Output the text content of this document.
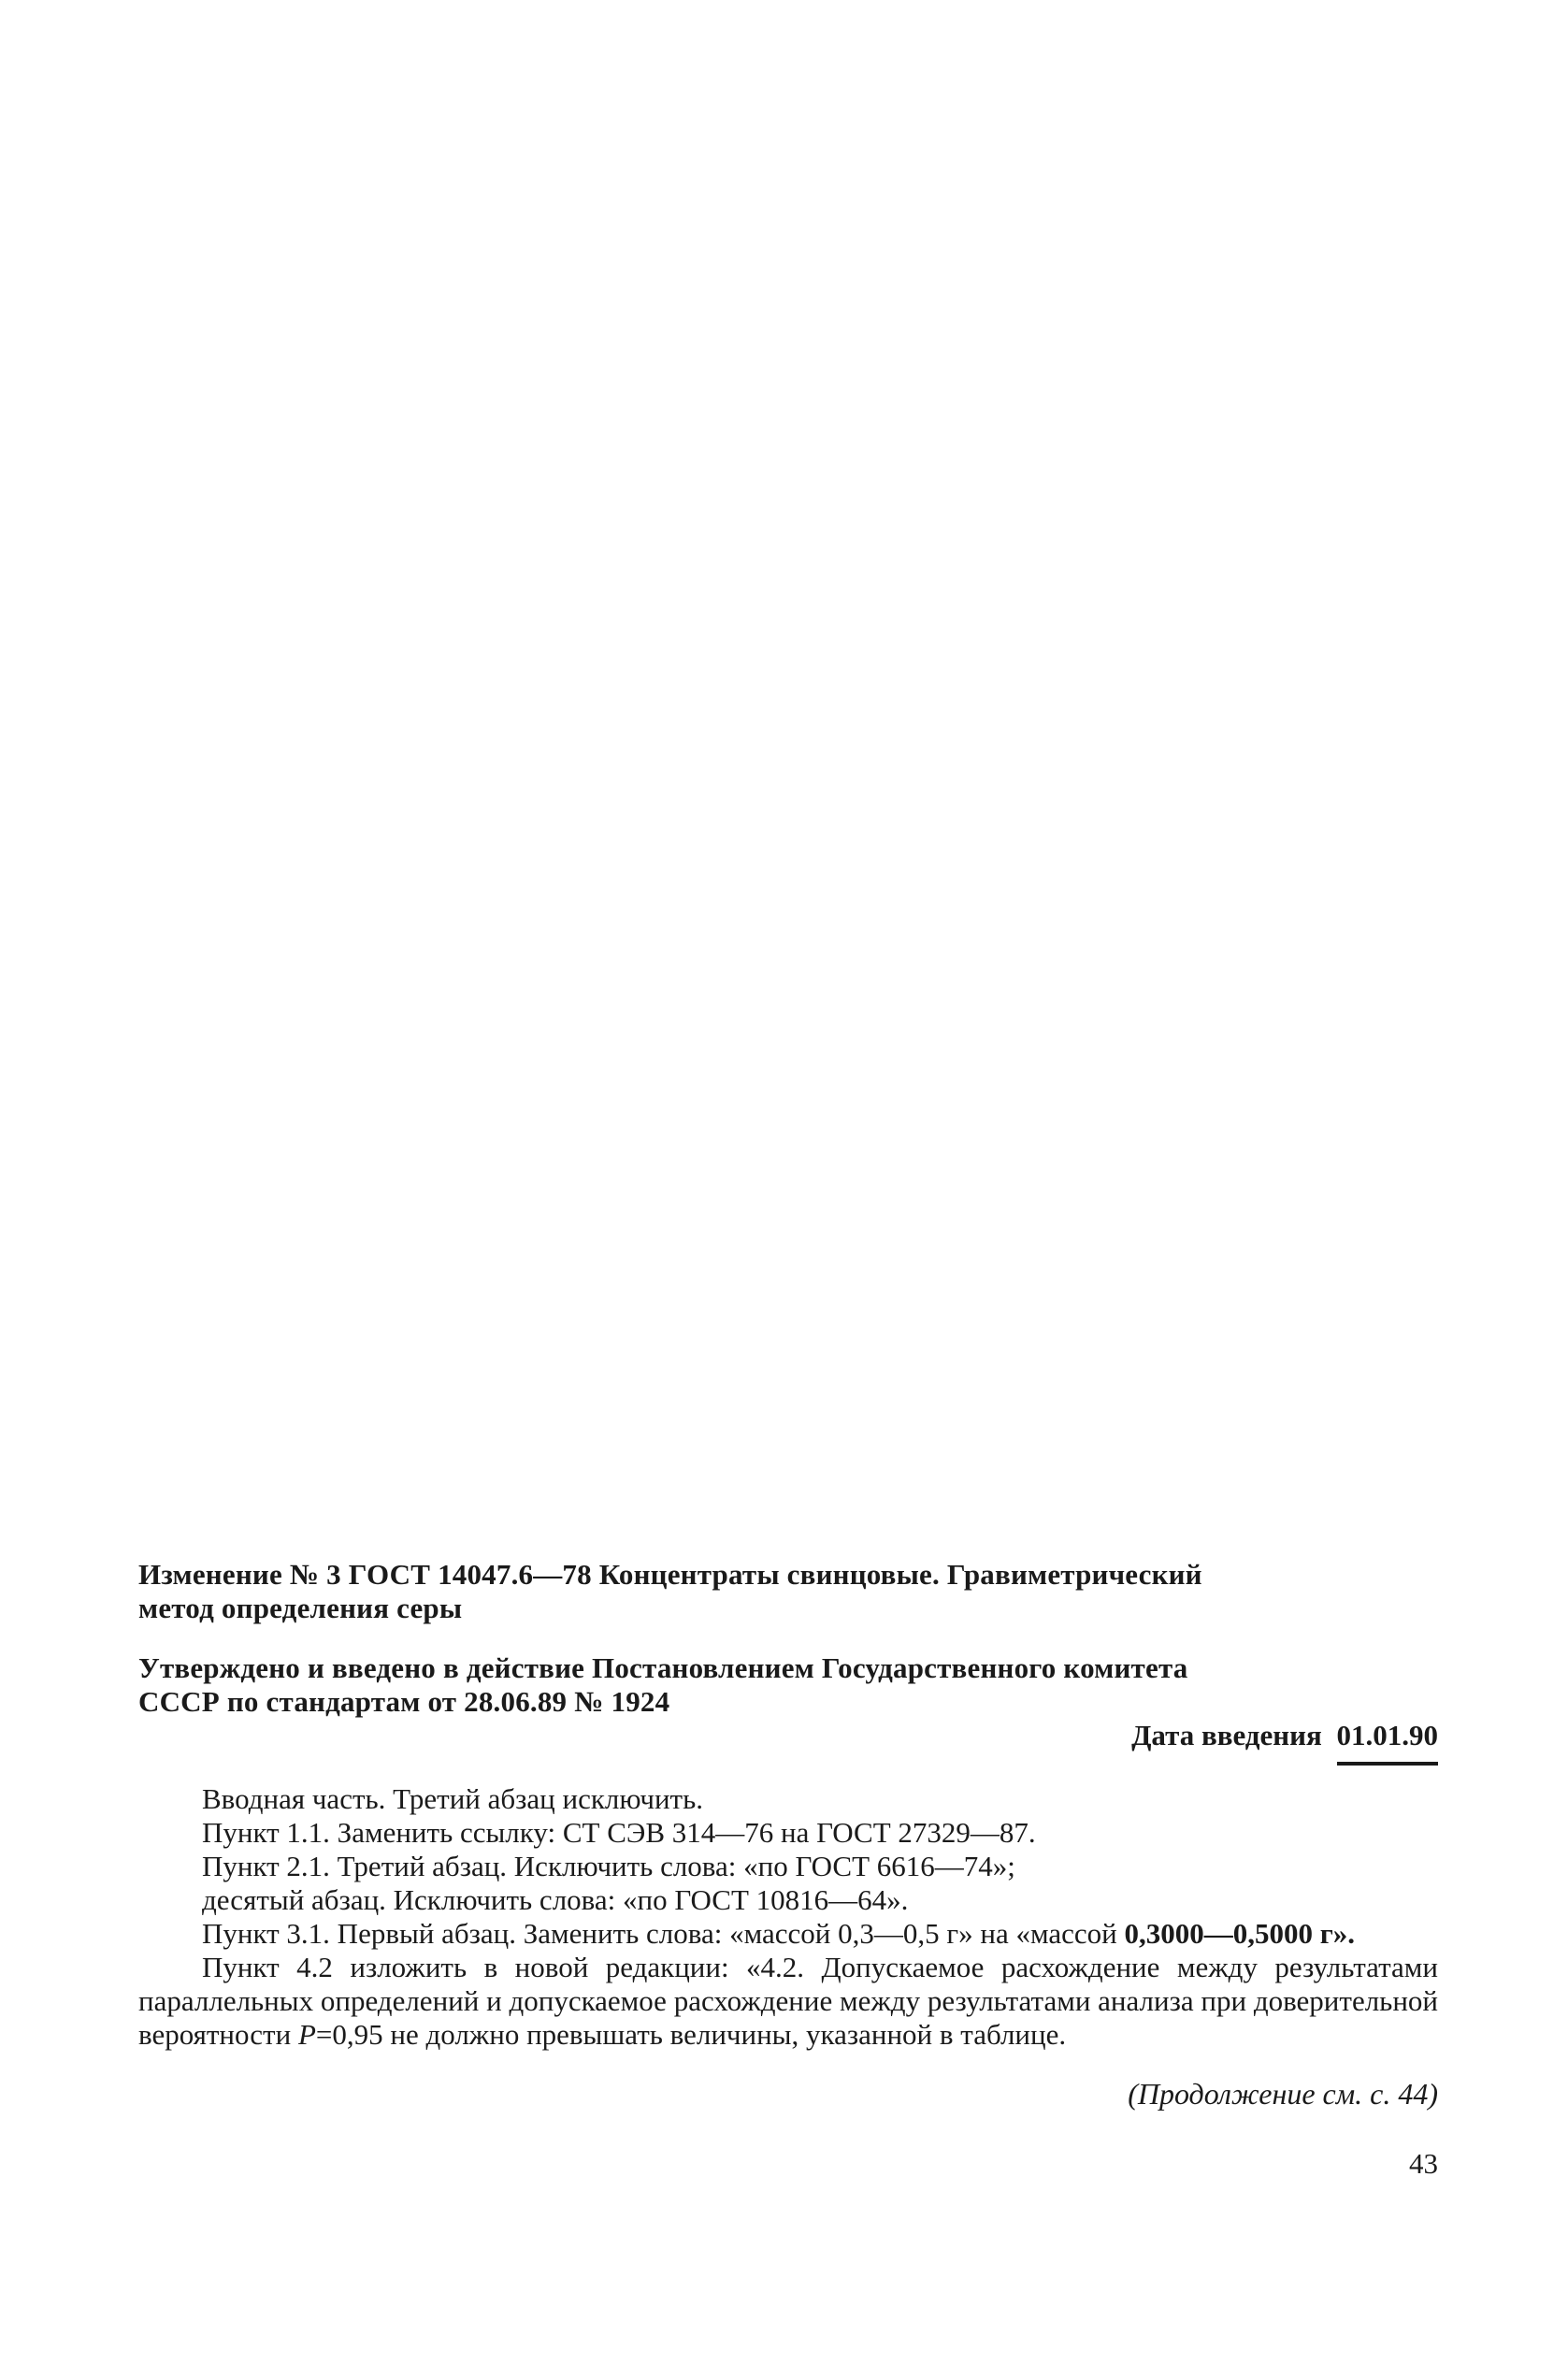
Изменение № 3 ГОСТ 14047.6—78 Концентраты свинцовые. Гравиметрический
метод определения серы
Утверждено и введено в действие Постановлением Государственного комитета
СССР по стандартам от 28.06.89 № 1924
Дата введения 01.01.90

Вводная часть. Третий абзац исключить.

Пункт 1.1. Заменить ссылку: СТ СЭВ 314—76 на ГОСТ 27329—87.

Пункт 2.1. Третий абзац. Исключить слова: «по ГОСТ 6616—74»;

десятый абзац. Исключить слова: «по ГОСТ 10816—64».

Пункт 3.1. Первый абзац. Заменить слова: «массой 0,3—0,5 г» на «массой 0,3000—0,5000 г».

Пункт 4.2 изложить в новой редакции: «4.2. Допускаемое расхождение между результатами параллельных определений и допускаемое расхождение между результатами анализа при доверительной вероятности P=0,95 не должно превышать величины, указанной в таблице.

(Продолжение см. с. 44)
43
